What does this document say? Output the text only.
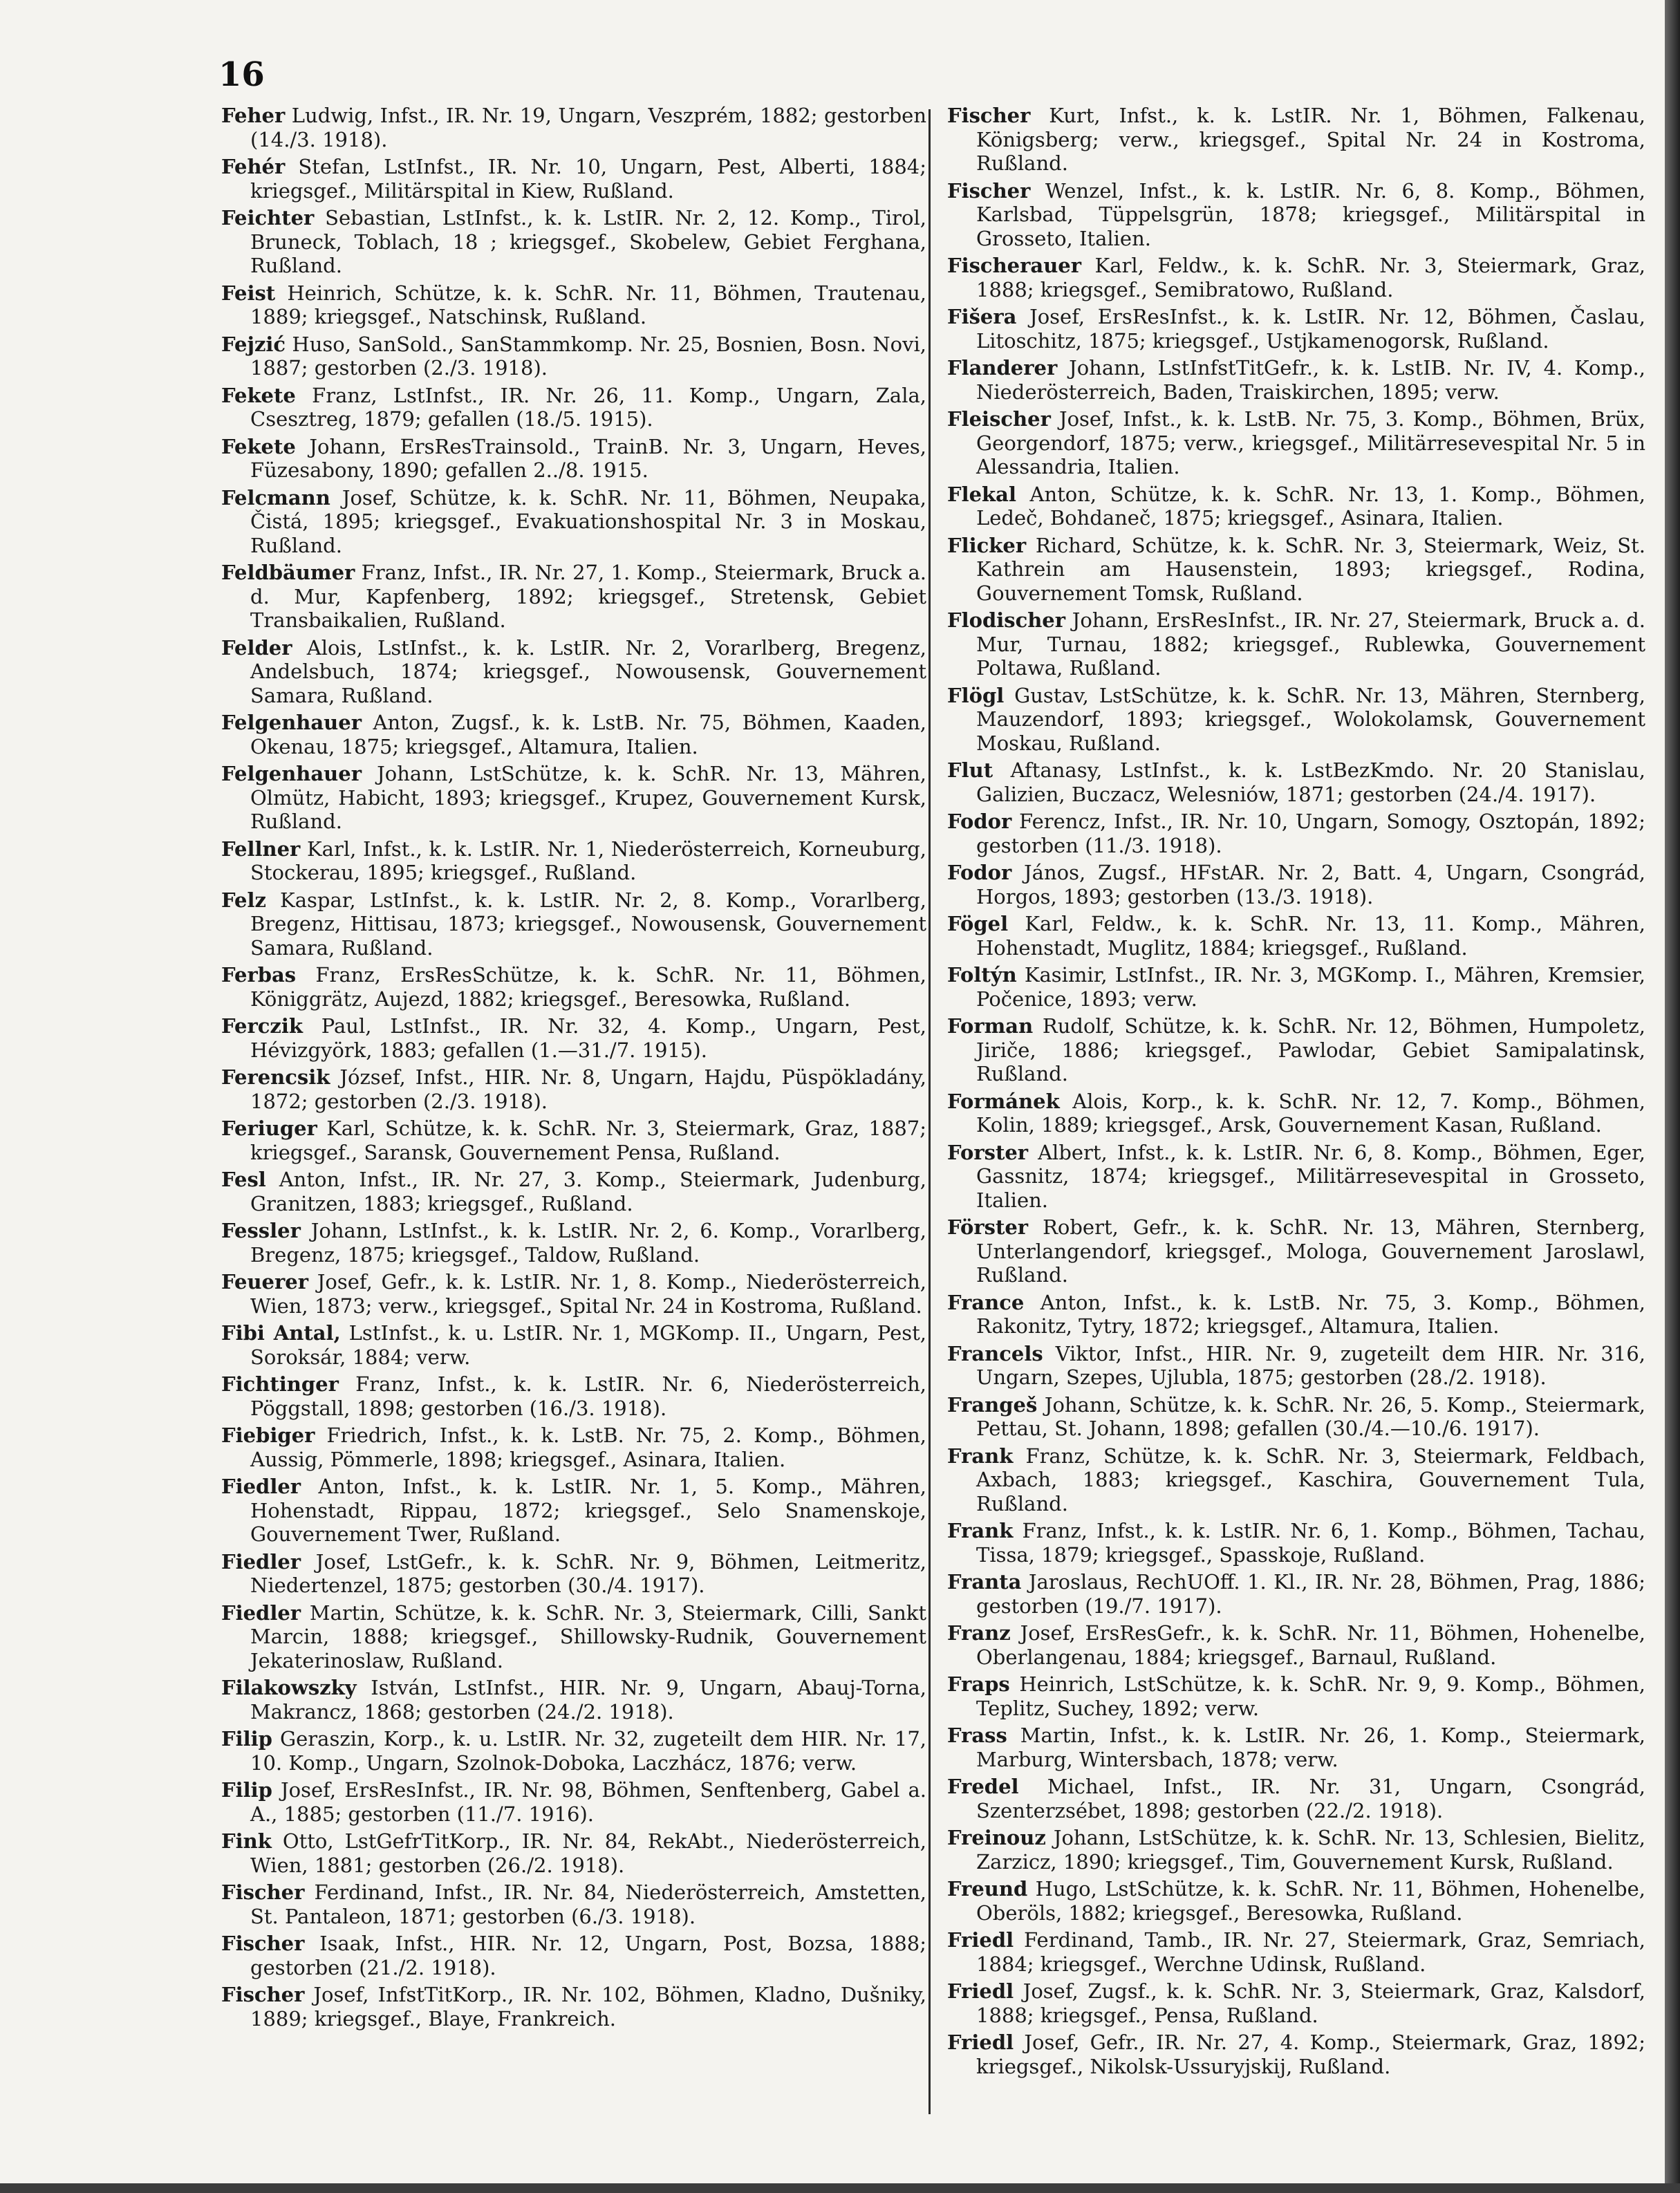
16

Feher Ludwig, Infst., IR. Nr. 19, Ungarn, Veszprém, 1882; gestorben (14./3. 1918).

Fehér Stefan, LstInfst., IR. Nr. 10, Ungarn, Pest, Alberti, 1884; kriegsgef., Militärspital in Kiew, Rußland.

Feichter Sebastian, LstInfst., k. k. LstIR. Nr. 2, 12. Komp., Tirol, Bruneck, Toblach, 18 ; kriegsgef., Skobelew, Gebiet Ferghana, Rußland.

Feist Heinrich, Schütze, k. k. SchR. Nr. 11, Böhmen, Trautenau, 1889; kriegsgef., Natschinsk, Rußland.

Fejzić Huso, SanSold., SanStammkomp. Nr. 25, Bosnien, Bosn. Novi, 1887; gestorben (2./3. 1918).

Fekete Franz, LstInfst., IR. Nr. 26, 11. Komp., Ungarn, Zala, Csesztreg, 1879; gefallen (18./5. 1915).

Fekete Johann, ErsResTrainsold., TrainB. Nr. 3, Ungarn, Heves, Füzesabony, 1890; gefallen 2../8. 1915.

Felcmann Josef, Schütze, k. k. SchR. Nr. 11, Böhmen, Neupaka, Čistá, 1895; kriegsgef., Evakuationshospital Nr. 3 in Moskau, Rußland.

Feldbäumer Franz, Infst., IR. Nr. 27, 1. Komp., Steiermark, Bruck a. d. Mur, Kapfenberg, 1892; kriegsgef., Stretensk, Gebiet Transbaikalien, Rußland.

Felder Alois, LstInfst., k. k. LstIR. Nr. 2, Vorarlberg, Bregenz, Andelsbuch, 1874; kriegsgef., Nowousensk, Gouvernement Samara, Rußland.

Felgenhauer Anton, Zugsf., k. k. LstB. Nr. 75, Böhmen, Kaaden, Okenau, 1875; kriegsgef., Altamura, Italien.

Felgenhauer Johann, LstSchütze, k. k. SchR. Nr. 13, Mähren, Olmütz, Habicht, 1893; kriegsgef., Krupez, Gouvernement Kursk, Rußland.

Fellner Karl, Infst., k. k. LstIR. Nr. 1, Niederösterreich, Korneuburg, Stockerau, 1895; kriegsgef., Rußland.

Felz Kaspar, LstInfst., k. k. LstIR. Nr. 2, 8. Komp., Vorarlberg, Bregenz, Hittisau, 1873; kriegsgef., Nowousensk, Gouvernement Samara, Rußland.

Ferbas Franz, ErsResSchütze, k. k. SchR. Nr. 11, Böhmen, Königgrätz, Aujezd, 1882; kriegsgef., Beresowka, Rußland.

Ferczik Paul, LstInfst., IR. Nr. 32, 4. Komp., Ungarn, Pest, Hévizgyörk, 1883; gefallen (1.—31./7. 1915).

Ferencsik József, Infst., HIR. Nr. 8, Ungarn, Hajdu, Püspökladány, 1872; gestorben (2./3. 1918).

Feriuger Karl, Schütze, k. k. SchR. Nr. 3, Steiermark, Graz, 1887; kriegsgef., Saransk, Gouvernement Pensa, Rußland.

Fesl Anton, Infst., IR. Nr. 27, 3. Komp., Steiermark, Judenburg, Granitzen, 1883; kriegsgef., Rußland.

Fessler Johann, LstInfst., k. k. LstIR. Nr. 2, 6. Komp., Vorarlberg, Bregenz, 1875; kriegsgef., Taldow, Rußland.

Feuerer Josef, Gefr., k. k. LstIR. Nr. 1, 8. Komp., Niederösterreich, Wien, 1873; verw., kriegsgef., Spital Nr. 24 in Kostroma, Rußland.

Fibi Antal, LstInfst., k. u. LstIR. Nr. 1, MGKomp. II., Ungarn, Pest, Soroksár, 1884; verw.

Fichtinger Franz, Infst., k. k. LstIR. Nr. 6, Niederösterreich, Pöggstall, 1898; gestorben (16./3. 1918).

Fiebiger Friedrich, Infst., k. k. LstB. Nr. 75, 2. Komp., Böhmen, Aussig, Pömmerle, 1898; kriegsgef., Asinara, Italien.

Fiedler Anton, Infst., k. k. LstIR. Nr. 1, 5. Komp., Mähren, Hohenstadt, Rippau, 1872; kriegsgef., Selo Snamenskoje, Gouvernement Twer, Rußland.

Fiedler Josef, LstGefr., k. k. SchR. Nr. 9, Böhmen, Leitmeritz, Niedertenzel, 1875; gestorben (30./4. 1917).

Fiedler Martin, Schütze, k. k. SchR. Nr. 3, Steiermark, Cilli, Sankt Marcin, 1888; kriegsgef., Shillowsky-Rudnik, Gouvernement Jekaterinoslaw, Rußland.

Filakowszky István, LstInfst., HIR. Nr. 9, Ungarn, Abauj-Torna, Makrancz, 1868; gestorben (24./2. 1918).

Filip Geraszin, Korp., k. u. LstIR. Nr. 32, zugeteilt dem HIR. Nr. 17, 10. Komp., Ungarn, Szolnok-Doboka, Laczhácz, 1876; verw.

Filip Josef, ErsResInfst., IR. Nr. 98, Böhmen, Senftenberg, Gabel a. A., 1885; gestorben (11./7. 1916).

Fink Otto, LstGefrTitKorp., IR. Nr. 84, RekAbt., Niederösterreich, Wien, 1881; gestorben (26./2. 1918).

Fischer Ferdinand, Infst., IR. Nr. 84, Niederösterreich, Amstetten, St. Pantaleon, 1871; gestorben (6./3. 1918).

Fischer Isaak, Infst., HIR. Nr. 12, Ungarn, Post, Bozsa, 1888; gestorben (21./2. 1918).

Fischer Josef, InfstTitKorp., IR. Nr. 102, Böhmen, Kladno, Dušniky, 1889; kriegsgef., Blaye, Frankreich.

Fischer Kurt, Infst., k. k. LstIR. Nr. 1, Böhmen, Falkenau, Königsberg; verw., kriegsgef., Spital Nr. 24 in Kostroma, Rußland.

Fischer Wenzel, Infst., k. k. LstIR. Nr. 6, 8. Komp., Böhmen, Karlsbad, Tüppelsgrün, 1878; kriegsgef., Militärspital in Grosseto, Italien.

Fischerauer Karl, Feldw., k. k. SchR. Nr. 3, Steiermark, Graz, 1888; kriegsgef., Semibratowo, Rußland.

Fišera Josef, ErsResInfst., k. k. LstIR. Nr. 12, Böhmen, Časlau, Litoschitz, 1875; kriegsgef., Ustjkamenogorsk, Rußland.

Flanderer Johann, LstInfstTitGefr., k. k. LstIB. Nr. IV, 4. Komp., Niederösterreich, Baden, Traiskirchen, 1895; verw.

Fleischer Josef, Infst., k. k. LstB. Nr. 75, 3. Komp., Böhmen, Brüx, Georgendorf, 1875; verw., kriegsgef., Militärresevespital Nr. 5 in Alessandria, Italien.

Flekal Anton, Schütze, k. k. SchR. Nr. 13, 1. Komp., Böhmen, Ledeč, Bohdaneč, 1875; kriegsgef., Asinara, Italien.

Flicker Richard, Schütze, k. k. SchR. Nr. 3, Steiermark, Weiz, St. Kathrein am Hausenstein, 1893; kriegsgef., Rodina, Gouvernement Tomsk, Rußland.

Flodischer Johann, ErsResInfst., IR. Nr. 27, Steiermark, Bruck a. d. Mur, Turnau, 1882; kriegsgef., Rublewka, Gouvernement Poltawa, Rußland.

Flögl Gustav, LstSchütze, k. k. SchR. Nr. 13, Mähren, Sternberg, Mauzendorf, 1893; kriegsgef., Wolokolamsk, Gouvernement Moskau, Rußland.

Flut Aftanasy, LstInfst., k. k. LstBezKmdo. Nr. 20 Stanislau, Galizien, Buczacz, Welesniów, 1871; gestorben (24./4. 1917).

Fodor Ferencz, Infst., IR. Nr. 10, Ungarn, Somogy, Osztopán, 1892; gestorben (11./3. 1918).

Fodor János, Zugsf., HFstAR. Nr. 2, Batt. 4, Ungarn, Csongrád, Horgos, 1893; gestorben (13./3. 1918).

Fögel Karl, Feldw., k. k. SchR. Nr. 13, 11. Komp., Mähren, Hohenstadt, Muglitz, 1884; kriegsgef., Rußland.

Foltýn Kasimir, LstInfst., IR. Nr. 3, MGKomp. I., Mähren, Kremsier, Počenice, 1893; verw.

Forman Rudolf, Schütze, k. k. SchR. Nr. 12, Böhmen, Humpoletz, Jiriče, 1886; kriegsgef., Pawlodar, Gebiet Samipalatinsk, Rußland.

Formánek Alois, Korp., k. k. SchR. Nr. 12, 7. Komp., Böhmen, Kolin, 1889; kriegsgef., Arsk, Gouvernement Kasan, Rußland.

Forster Albert, Infst., k. k. LstIR. Nr. 6, 8. Komp., Böhmen, Eger, Gassnitz, 1874; kriegsgef., Militärresevespital in Grosseto, Italien.

Förster Robert, Gefr., k. k. SchR. Nr. 13, Mähren, Sternberg, Unterlangendorf, kriegsgef., Mologa, Gouvernement Jaroslawl, Rußland.

France Anton, Infst., k. k. LstB. Nr. 75, 3. Komp., Böhmen, Rakonitz, Tytry, 1872; kriegsgef., Altamura, Italien.

Francels Viktor, Infst., HIR. Nr. 9, zugeteilt dem HIR. Nr. 316, Ungarn, Szepes, Ujlubla, 1875; gestorben (28./2. 1918).

Frangeš Johann, Schütze, k. k. SchR. Nr. 26, 5. Komp., Steiermark, Pettau, St. Johann, 1898; gefallen (30./4.—10./6. 1917).

Frank Franz, Schütze, k. k. SchR. Nr. 3, Steiermark, Feldbach, Axbach, 1883; kriegsgef., Kaschira, Gouvernement Tula, Rußland.

Frank Franz, Infst., k. k. LstIR. Nr. 6, 1. Komp., Böhmen, Tachau, Tissa, 1879; kriegsgef., Spasskoje, Rußland.

Franta Jaroslaus, RechUOff. 1. Kl., IR. Nr. 28, Böhmen, Prag, 1886; gestorben (19./7. 1917).

Franz Josef, ErsResGefr., k. k. SchR. Nr. 11, Böhmen, Hohenelbe, Oberlangenau, 1884; kriegsgef., Barnaul, Rußland.

Fraps Heinrich, LstSchütze, k. k. SchR. Nr. 9, 9. Komp., Böhmen, Teplitz, Suchey, 1892; verw.

Frass Martin, Infst., k. k. LstIR. Nr. 26, 1. Komp., Steiermark, Marburg, Wintersbach, 1878; verw.

Fredel Michael, Infst., IR. Nr. 31, Ungarn, Csongrád, Szenterzsébet, 1898; gestorben (22./2. 1918).

Freinouz Johann, LstSchütze, k. k. SchR. Nr. 13, Schlesien, Bielitz, Zarzicz, 1890; kriegsgef., Tim, Gouvernement Kursk, Rußland.

Freund Hugo, LstSchütze, k. k. SchR. Nr. 11, Böhmen, Hohenelbe, Oberöls, 1882; kriegsgef., Beresowka, Rußland.

Friedl Ferdinand, Tamb., IR. Nr. 27, Steiermark, Graz, Semriach, 1884; kriegsgef., Werchne Udinsk, Rußland.

Friedl Josef, Zugsf., k. k. SchR. Nr. 3, Steiermark, Graz, Kalsdorf, 1888; kriegsgef., Pensa, Rußland.

Friedl Josef, Gefr., IR. Nr. 27, 4. Komp., Steiermark, Graz, 1892; kriegsgef., Nikolsk-Ussuryjskij, Rußland.
